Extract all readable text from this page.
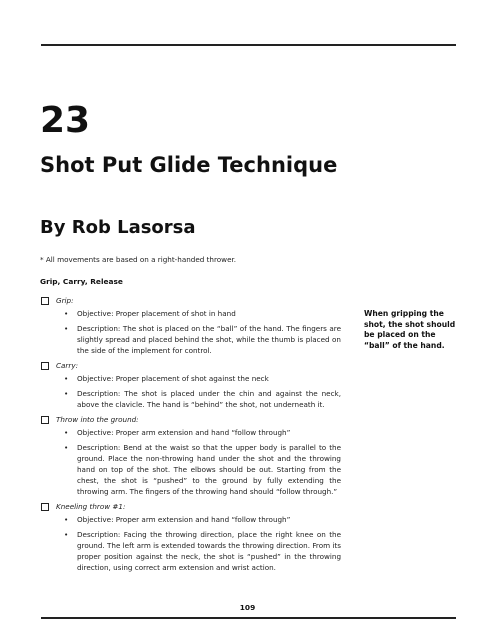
23
Shot Put Glide Technique
By Rob Lasorsa
* All movements are based on a right-handed thrower.
Grip, Carry, Release
Grip:
•	Objective: Proper placement of shot in hand
•	Description: The shot is placed on the “ball” of the hand. The fingers are slightly spread and placed behind the shot, while the thumb is placed on the side of the implement for control.
Carry:
•	Objective: Proper placement of shot against the neck
•	Description: The shot is placed under the chin and against the neck, above the clavicle. The hand is “behind” the shot, not underneath it.
Throw into the ground:
•	Objective: Proper arm extension and hand “follow through”
•	Description: Bend at the waist so that the upper body is parallel to the ground. Place the non-throwing hand under the shot and the throwing hand on top of the shot. The elbows should be out. Starting from the chest, the shot is “pushed” to the ground by fully extending the throwing arm. The fingers of the throwing hand should “follow through.”
Kneeling throw #1:
•	Objective: Proper arm extension and hand “follow through”
•	Description: Facing the throwing direction, place the right knee on the ground. The left arm is extended towards the throwing direction. From its proper position against the neck, the shot is “pushed” in the throwing direction, using correct arm extension and wrist action.
When gripping the shot, the shot should be placed on the “ball” of the hand.
109
